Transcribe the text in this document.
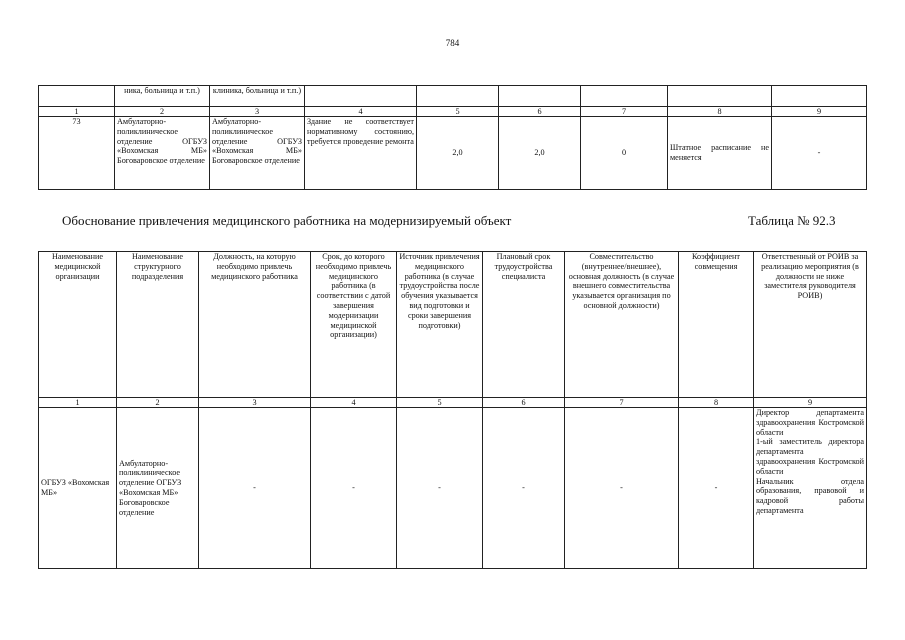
784
	ника, больница и т.п.)	клиника, больница и т.п.)						
1	2	3	4	5	6	7	8	9
73	Амбулаторно-поликлиническое отделение ОГБУЗ «Вохомская МБ» Боговаровское отделение	Амбулаторно-поликлиническое отделение ОГБУЗ «Вохомская МБ» Боговаровское отделение	Здание не соответствует нормативному состоянию, требуется проведение ремонта	2,0	2,0	0	Штатное расписание не меняется	-
Обоснование привлечения медицинского работника на модернизируемый объект	Таблица № 92.3
Наименование медицинской организации	Наименование структурного подразделения	Должность, на которую необходимо привлечь медицинского работника	Срок, до которого необходимо привлечь медицинского работника (в соответствии с датой завершения модернизации медицинской организации)	Источник привлечения медицинского работника (в случае трудоустройства после обучения указывается вид подготовки и сроки завершения подготовки)	Плановый срок трудоустройства специалиста	Совместительство (внутреннее/внешнее), основная должность (в случае внешнего совместительства указывается организация по основной должности)	Коэффициент совмещения	Ответственный от РОИВ за реализацию мероприятия (в должности не ниже заместителя руководителя РОИВ)
1	2	3	4	5	6	7	8	9
ОГБУЗ «Вохомская МБ»	Амбулаторно-поликлиническое отделение ОГБУЗ «Вохомская МБ» Боговаровское отделение	-	-	-	-	-	-	Директор департамента здравоохранения Костромской области
1-ый заместитель директора департамента здравоохранения Костромской области
Начальник отдела образования, правовой и кадровой работы департамента
